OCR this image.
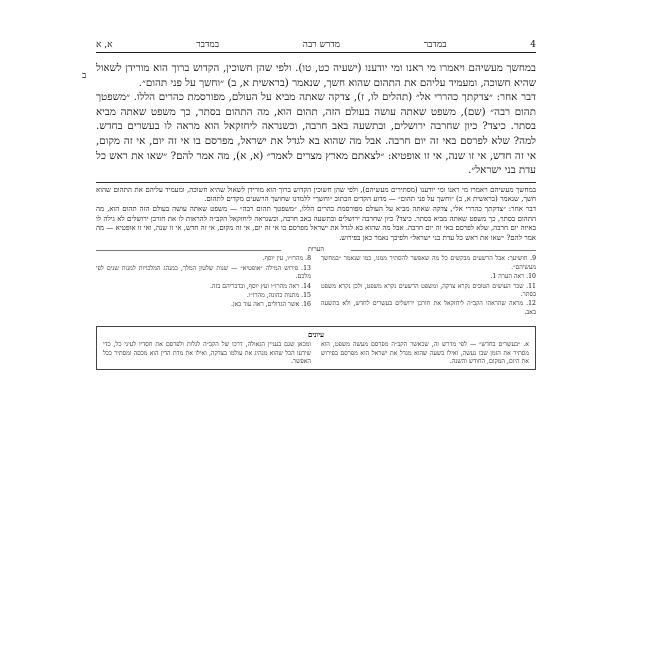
4
במדבר
מדרש רבה
במדבר
א, א
ב

במחשך מעשיהם ויאמרו מי ראנו ומי יודענו (ישעיה כט, טו). ולפי שהן חשוכין, הקדוש ברוך הוא מורידן לשאול שהיא חשוכה, ומעמיד עליהם את התהום שהוא חשך, שנאמר (בראשית א, ב) ״וחשך על פני תהום״.

דבר אחר: ״צדקתך כהררי אל״ (תהלים לו, ז), צדקה שאתה מביא על העולם, מפורסמת כהרים הללו. ״משפטך תהום רבה״ (שם), משפט שאתה עושה בעולם הזה, תהום הוא, מה התהום בסתר, כך משפט שאתה מביא בסתר. כיצד? כיון שחרבה ירושלים, ובתשעה באב חרבה, וכשנראה ליחזקאל הוא מראה לו בעשרים בחדש. למה? שלא לפרסם באי זה יום חרבה. אבל מה שהוא בא לגדל את ישראל, מפרסם בו אי זה יום, אי זה מקום, אי זה חדש, אי זו שנה, אי זו אופטיא: ״לצאתם מארץ מצרים לאמר״ (א, א), מה אמר להם? ״שאו את ראש כל עדת בני ישראל״.

במחשך מעשיהם ויאמרו מי ראנו ומי יודענו (מסתירים מעשיהם), ולפי שהן חשוכין הקדוש ברוך הוא מורידן לשאול שהיא חשוכה, ומעמיד עליהם את התהום שהוא חשך, שנאמר (בראשית א, ב) ״וחשך על פני תהום״ — מדוע הקדים הכתוב ״וחשך״ ללמדנו שחושך הרשעים מקדים לתהום.

דבר אחר: ״צדקתך כהררי אל״, צדקה שאתה מביא על העולם מפורסמת כהרים הללו, ״משפטך תהום רבה״ — משפט שאתה עושה בעולם הזה תהום הוא, מה התהום בסתר, כך משפט שאתה מביא בסתר. כיצד? כיון שחרבה ירושלים ובתשעה באב חרבה, וכשנראה ליחזקאל הקב״ה להראות לו את חורבן ירושלים לא גילה לו באיזה יום חרבה, שלא לפרסם באי זה יום חרבה. אבל מה שהוא בא לגדל את ישראל מפרסם בו אי זה יום, אי זה מקום, אי זה חדש, אי זו שנה, ואי זו אופטיא — מה אמר להם? ״שאו את ראש כל עדת בני ישראל״ ולפיכך נאמר כאן בפירוש.

הערות

9. חושיעך: אבל הרשעים מבקשים כל מה שאפשר להסתיר ממנו, כמו שנאמר ״במחשך מעשיהם״.

10. ראה הערה 1.

11. שכר העושים הטובים נקרא צדקה, ומשפט הרשעים נקרא משפט, ולכן נקרא משפט בסתר.

12. מראה שהראהו הקב״ה ליחזקאל את חורבן ירושלים בעשרים לחדש, ולא בתשעה באב.

8. מהרז״ו, עין יוסף.

13. פירוש המילה ״אופטיא״ — שנות שלטון המלך, כמנהג המלכויות למנות שנים לפי מלכם.

14. ראה מהרז״ו ועץ יוסף, ובדבריהם בזה.

15. מתנות כהונה, מהרז״ו.

16. אשר הגדולים, ראה עוד כאן.

עיונים

א. ״בעשרים בחדש״ — לפי מדרש זה, שכאשר הקב״ה מפרסם מעשה משפט, הוא מסתיר את הזמן שבו נעשה, ואילו בשעה שהוא מגדל את ישראל הוא מפרסם בפירוש את היום, המקום, החודש והשנה.

ומכאן שגם בעניין הגאולה, דרכו של הקב״ה לגלות ולפרסם את חסדיו לעיני כל, כדי שידעו הכל שהוא מנהיג את עולמו בצדקה, ואילו את מדת הדין הוא מכסה ומסתיר ככל האפשר.
